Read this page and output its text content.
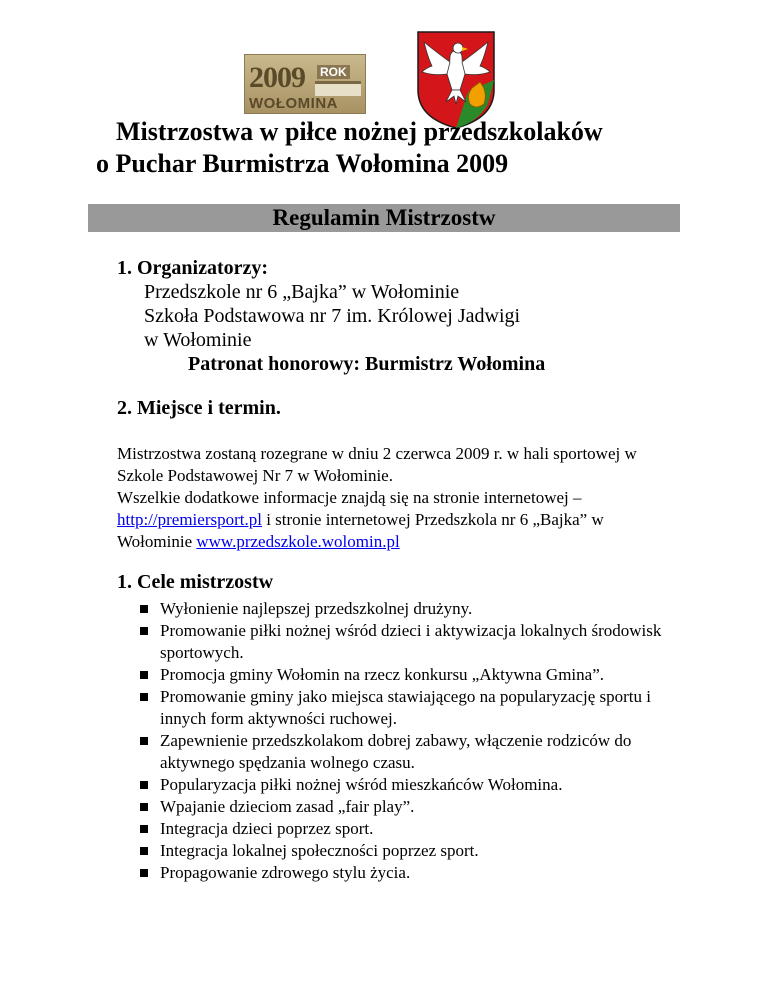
2009 ROK
WOŁOMINA
Mistrzostwa w piłce nożnej przedszkolaków
o Puchar Burmistrza Wołomina 2009
Regulamin Mistrzostw
1. Organizatorzy:
Przedszkole nr 6 „Bajka” w Wołominie
Szkoła Podstawowa nr 7 im. Królowej Jadwigi
w Wołominie
Patronat honorowy: Burmistrz Wołomina
2. Miejsce i termin.
Mistrzostwa zostaną rozegrane w dniu 2 czerwca 2009 r. w hali sportowej w Szkole Podstawowej Nr 7 w Wołominie.
Wszelkie dodatkowe informacje znajdą się na stronie internetowej – http://premiersport.pl i stronie internetowej Przedszkola nr 6 „Bajka” w Wołominie www.przedszkole.wolomin.pl
1. Cele mistrzostw
Wyłonienie najlepszej przedszkolnej drużyny.
Promowanie piłki nożnej wśród dzieci i aktywizacja lokalnych środowisk sportowych.
Promocja gminy Wołomin na rzecz konkursu „Aktywna Gmina”.
Promowanie gminy jako miejsca stawiającego na popularyzację sportu i innych form aktywności ruchowej.
Zapewnienie przedszkolakom dobrej zabawy, włączenie rodziców do aktywnego spędzania wolnego czasu.
Popularyzacja piłki nożnej wśród mieszkańców Wołomina.
Wpajanie dzieciom zasad „fair play”.
Integracja dzieci poprzez sport.
Integracja lokalnej społeczności poprzez sport.
Propagowanie zdrowego stylu życia.
